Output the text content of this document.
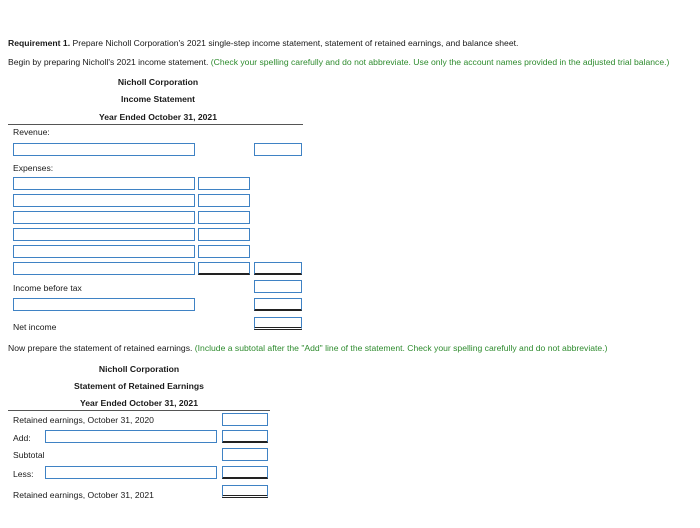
Requirement 1. Prepare Nicholl Corporation's 2021 single-step income statement, statement of retained earnings, and balance sheet.
Begin by preparing Nicholl's 2021 income statement. (Check your spelling carefully and do not abbreviate. Use only the account names provided in the adjusted trial balance.)
Nicholl Corporation
Income Statement
Year Ended October 31, 2021
Revenue:
Expenses:
Income before tax
Net income
Now prepare the statement of retained earnings. (Include a subtotal after the "Add" line of the statement. Check your spelling carefully and do not abbreviate.)
Nicholl Corporation
Statement of Retained Earnings
Year Ended October 31, 2021
Retained earnings, October 31, 2020
Add:
Subtotal
Less:
Retained earnings, October 31, 2021
